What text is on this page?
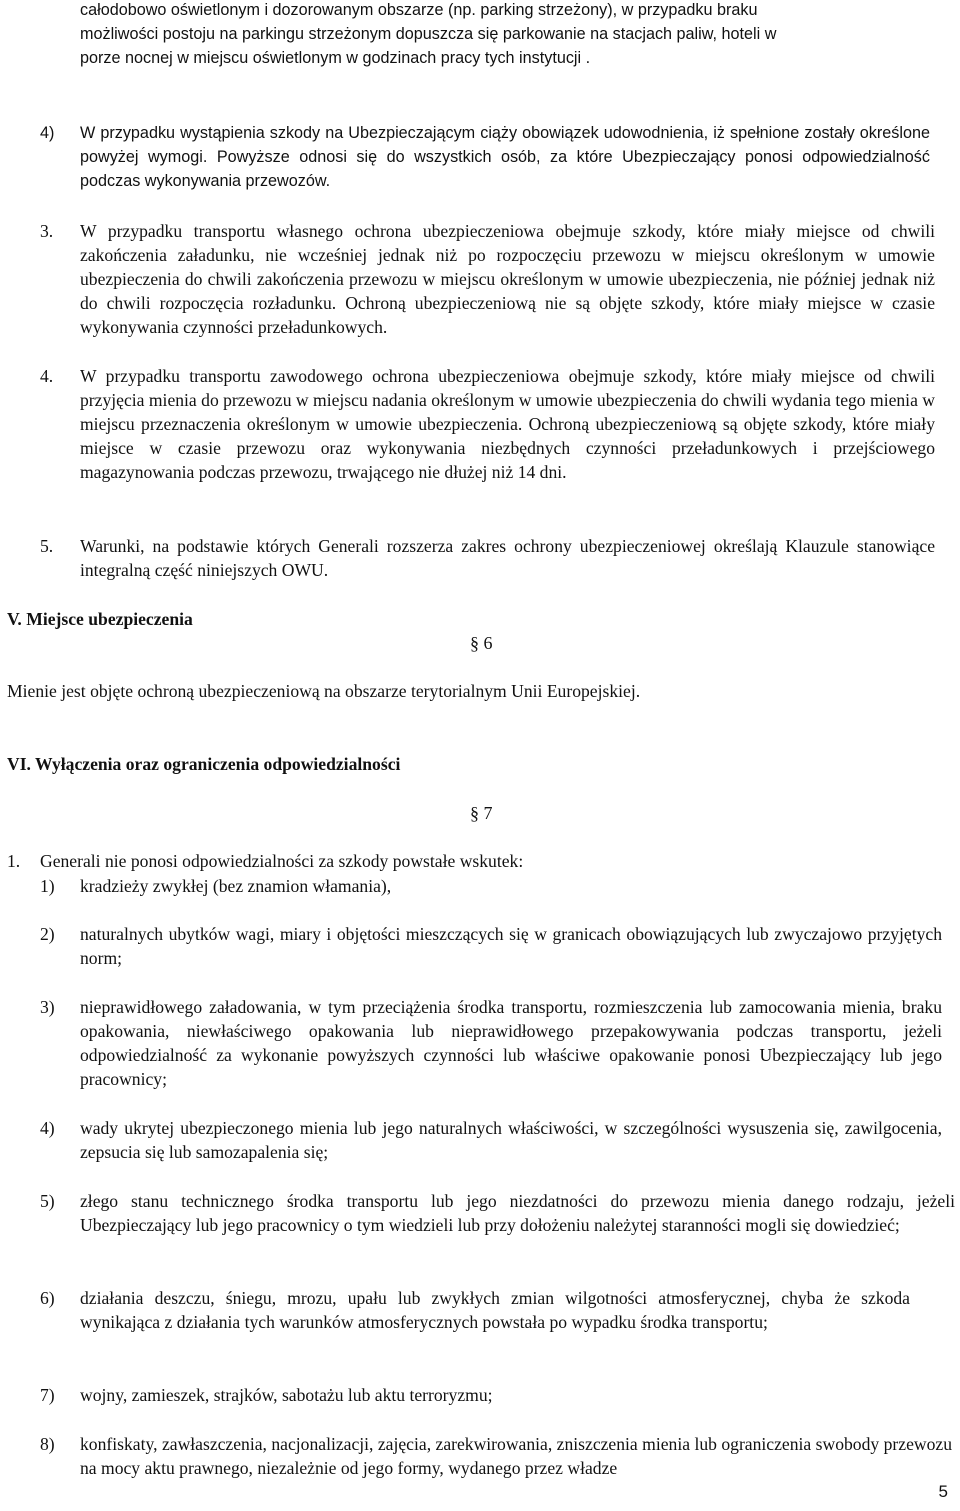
całodobowo oświetlonym i dozorowanym obszarze (np. parking strzeżony), w przypadku braku
możliwości postoju na parkingu strzeżonym dopuszcza się parkowanie na stacjach paliw, hoteli w
porze nocnej w miejscu oświetlonym w godzinach pracy tych instytucji .
4) W przypadku wystąpienia szkody na Ubezpieczającym ciąży obowiązek udowodnienia, iż spełnione zostały określone powyżej wymogi. Powyższe odnosi się do wszystkich osób, za które Ubezpieczający ponosi odpowiedzialność podczas wykonywania przewozów.
3. W przypadku transportu własnego ochrona ubezpieczeniowa obejmuje szkody, które miały miejsce od chwili zakończenia załadunku, nie wcześniej jednak niż po rozpoczęciu przewozu w miejscu określonym w umowie ubezpieczenia do chwili zakończenia przewozu w miejscu określonym w umowie ubezpieczenia, nie później jednak niż do chwili rozpoczęcia rozładunku. Ochroną ubezpieczeniową nie są objęte szkody, które miały miejsce w czasie wykonywania czynności przeładunkowych.
4. W przypadku transportu zawodowego ochrona ubezpieczeniowa obejmuje szkody, które miały miejsce od chwili przyjęcia mienia do przewozu w miejscu nadania określonym w umowie ubezpieczenia do chwili wydania tego mienia w miejscu przeznaczenia określonym w umowie ubezpieczenia. Ochroną ubezpieczeniową są objęte szkody, które miały miejsce w czasie przewozu oraz wykonywania niezbędnych czynności przeładunkowych i przejściowego magazynowania podczas przewozu, trwającego nie dłużej niż 14 dni.
5. Warunki, na podstawie których Generali rozszerza zakres ochrony ubezpieczeniowej określają Klauzule stanowiące integralną część niniejszych OWU.
V. Miejsce ubezpieczenia
§ 6
Mienie jest objęte ochroną ubezpieczeniową na obszarze terytorialnym Unii Europejskiej.
VI. Wyłączenia oraz ograniczenia odpowiedzialności
§ 7
1. Generali nie ponosi odpowiedzialności za szkody powstałe wskutek:
1) kradzieży zwykłej (bez znamion włamania),
2) naturalnych ubytków wagi, miary i objętości mieszczących się w granicach obowiązujących lub zwyczajowo przyjętych norm;
3) nieprawidłowego załadowania, w tym przeciążenia środka transportu, rozmieszczenia lub zamocowania mienia, braku opakowania, niewłaściwego opakowania lub nieprawidłowego przepakowywania podczas transportu, jeżeli odpowiedzialność za wykonanie powyższych czynności lub właściwe opakowanie ponosi Ubezpieczający lub jego pracownicy;
4) wady ukrytej ubezpieczonego mienia lub jego naturalnych właściwości, w szczególności wysuszenia się, zawilgocenia, zepsucia się lub samozapalenia się;
5) złego stanu technicznego środka transportu lub jego niezdatności do przewozu mienia danego rodzaju, jeżeli Ubezpieczający lub jego pracownicy o tym wiedzieli lub przy dołożeniu należytej staranności mogli się dowiedzieć;
6) działania deszczu, śniegu, mrozu, upału lub zwykłych zmian wilgotności atmosferycznej, chyba że szkoda wynikająca z działania tych warunków atmosferycznych powstała po wypadku środka transportu;
7) wojny, zamieszek, strajków, sabotażu lub aktu terroryzmu;
8) konfiskaty, zawłaszczenia, nacjonalizacji, zajęcia, zarekwirowania, zniszczenia mienia lub ograniczenia swobody przewozu na mocy aktu prawnego, niezależnie od jego formy, wydanego przez władze
5
